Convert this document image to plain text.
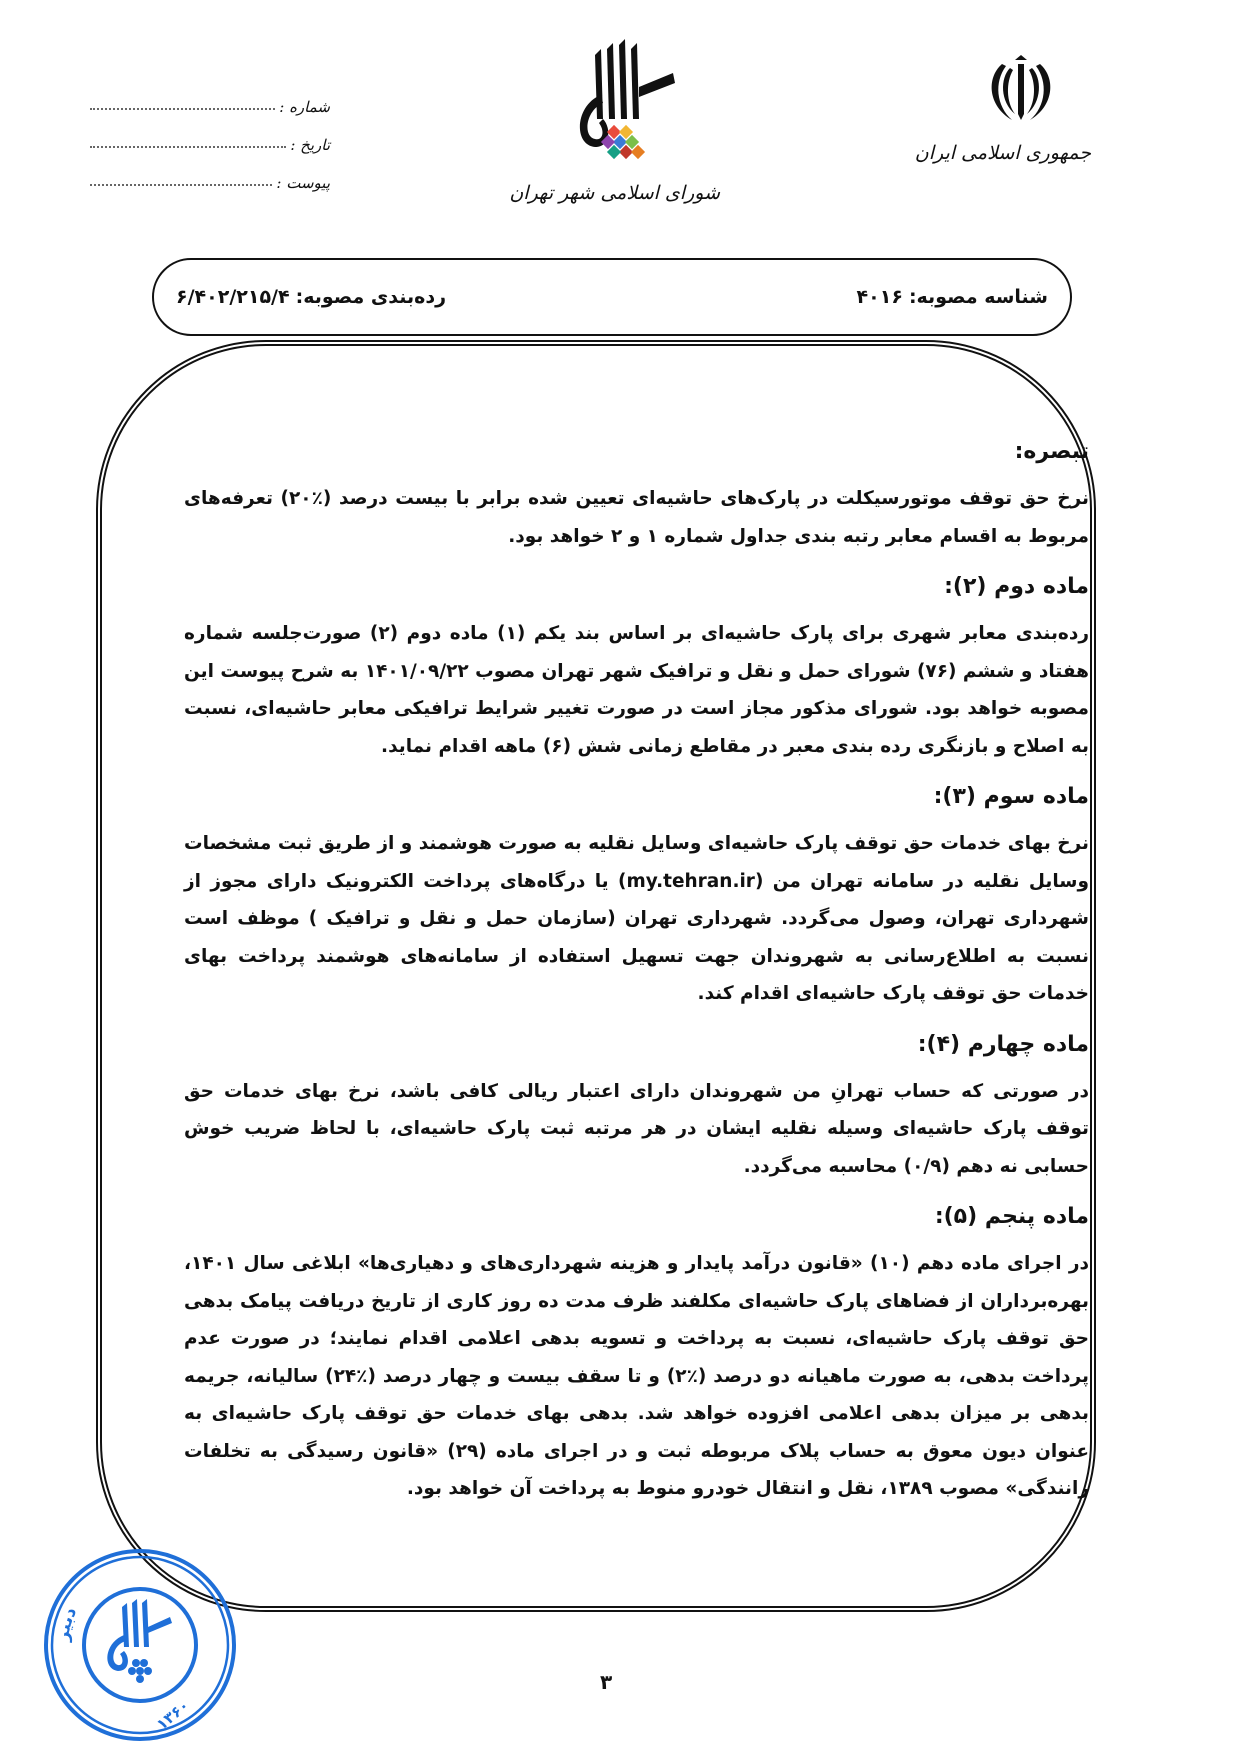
جمهوری اسلامی ایران
شورای اسلامی شهر تهران
شماره :
تاریخ :
پیوست :
شناسه مصوبه:
۴۰۱۶
رده‌بندی مصوبه:
۶/۴۰۲/۲۱۵/۴
تبصره:

نرخ حق توقف موتورسیکلت در پارک‌های حاشیه‌ای تعیین شده برابر با بیست درصد (٪۲۰) تعرفه‌های مربوط به اقسام معابر رتبه بندی جداول شماره ۱ و ۲ خواهد بود.

ماده دوم (۲):

رده‌بندی معابر شهری برای پارک حاشیه‌ای بر اساس بند یکم (۱) ماده دوم (۲) صورت‌جلسه شماره هفتاد و ششم (۷۶) شورای حمل و نقل و ترافیک شهر تهران مصوب ۱۴۰۱/۰۹/۲۲ به شرح پیوست این مصوبه خواهد بود. شورای مذکور مجاز است در صورت تغییر شرایط ترافیکی معابر حاشیه‌ای، نسبت به اصلاح و بازنگری رده بندی معبر در مقاطع زمانی شش (۶) ماهه اقدام نماید.

ماده سوم (۳):

نرخ بهای خدمات حق توقف پارک حاشیه‌ای وسایل نقلیه به صورت هوشمند و از طریق ثبت مشخصات وسایل نقلیه در سامانه تهران من (my.tehran.ir) یا درگاه‌های پرداخت الکترونیک دارای مجوز از شهرداری تهران، وصول می‌گردد. شهرداری تهران (سازمان حمل و نقل و ترافیک ) موظف است نسبت به اطلاع‌رسانی به شهروندان جهت تسهیل استفاده از سامانه‌های هوشمند پرداخت بهای خدمات حق توقف پارک حاشیه‌ای اقدام کند.

ماده چهارم (۴):

در صورتی که حساب تهرانِ من شهروندان دارای اعتبار ریالی کافی باشد، نرخ بهای خدمات حق توقف پارک حاشیه‌ای وسیله نقلیه ایشان در هر مرتبه ثبت پارک حاشیه‌ای، با لحاظ ضریب خوش حسابی نه دهم (۰/۹) محاسبه می‌گردد.

ماده پنجم (۵):

در اجرای ماده دهم (۱۰) «قانون درآمد پایدار و هزینه شهرداری‌های و دهیاری‌ها» ابلاغی سال ۱۴۰۱، بهره‌برداران از فضاهای پارک حاشیه‌ای مکلفند ظرف مدت ده روز کاری از تاریخ دریافت پیامک بدهی حق توقف پارک حاشیه‌ای، نسبت به پرداخت و تسویه بدهی اعلامی اقدام نمایند؛ در صورت عدم پرداخت بدهی، به صورت ماهیانه دو درصد (٪۲) و تا سقف بیست و چهار درصد (٪۲۴) سالیانه، جریمه بدهی بر میزان بدهی اعلامی افزوده خواهد شد. بدهی بهای خدمات حق توقف پارک حاشیه‌ای به عنوان دیون معوق به حساب پلاک مربوطه ثبت و در اجرای ماده (۲۹) «قانون رسیدگی به تخلفات رانندگی» مصوب ۱۳۸۹، نقل و انتقال خودرو منوط به پرداخت آن خواهد بود.

دبیر
۱۳۶۰
۳
